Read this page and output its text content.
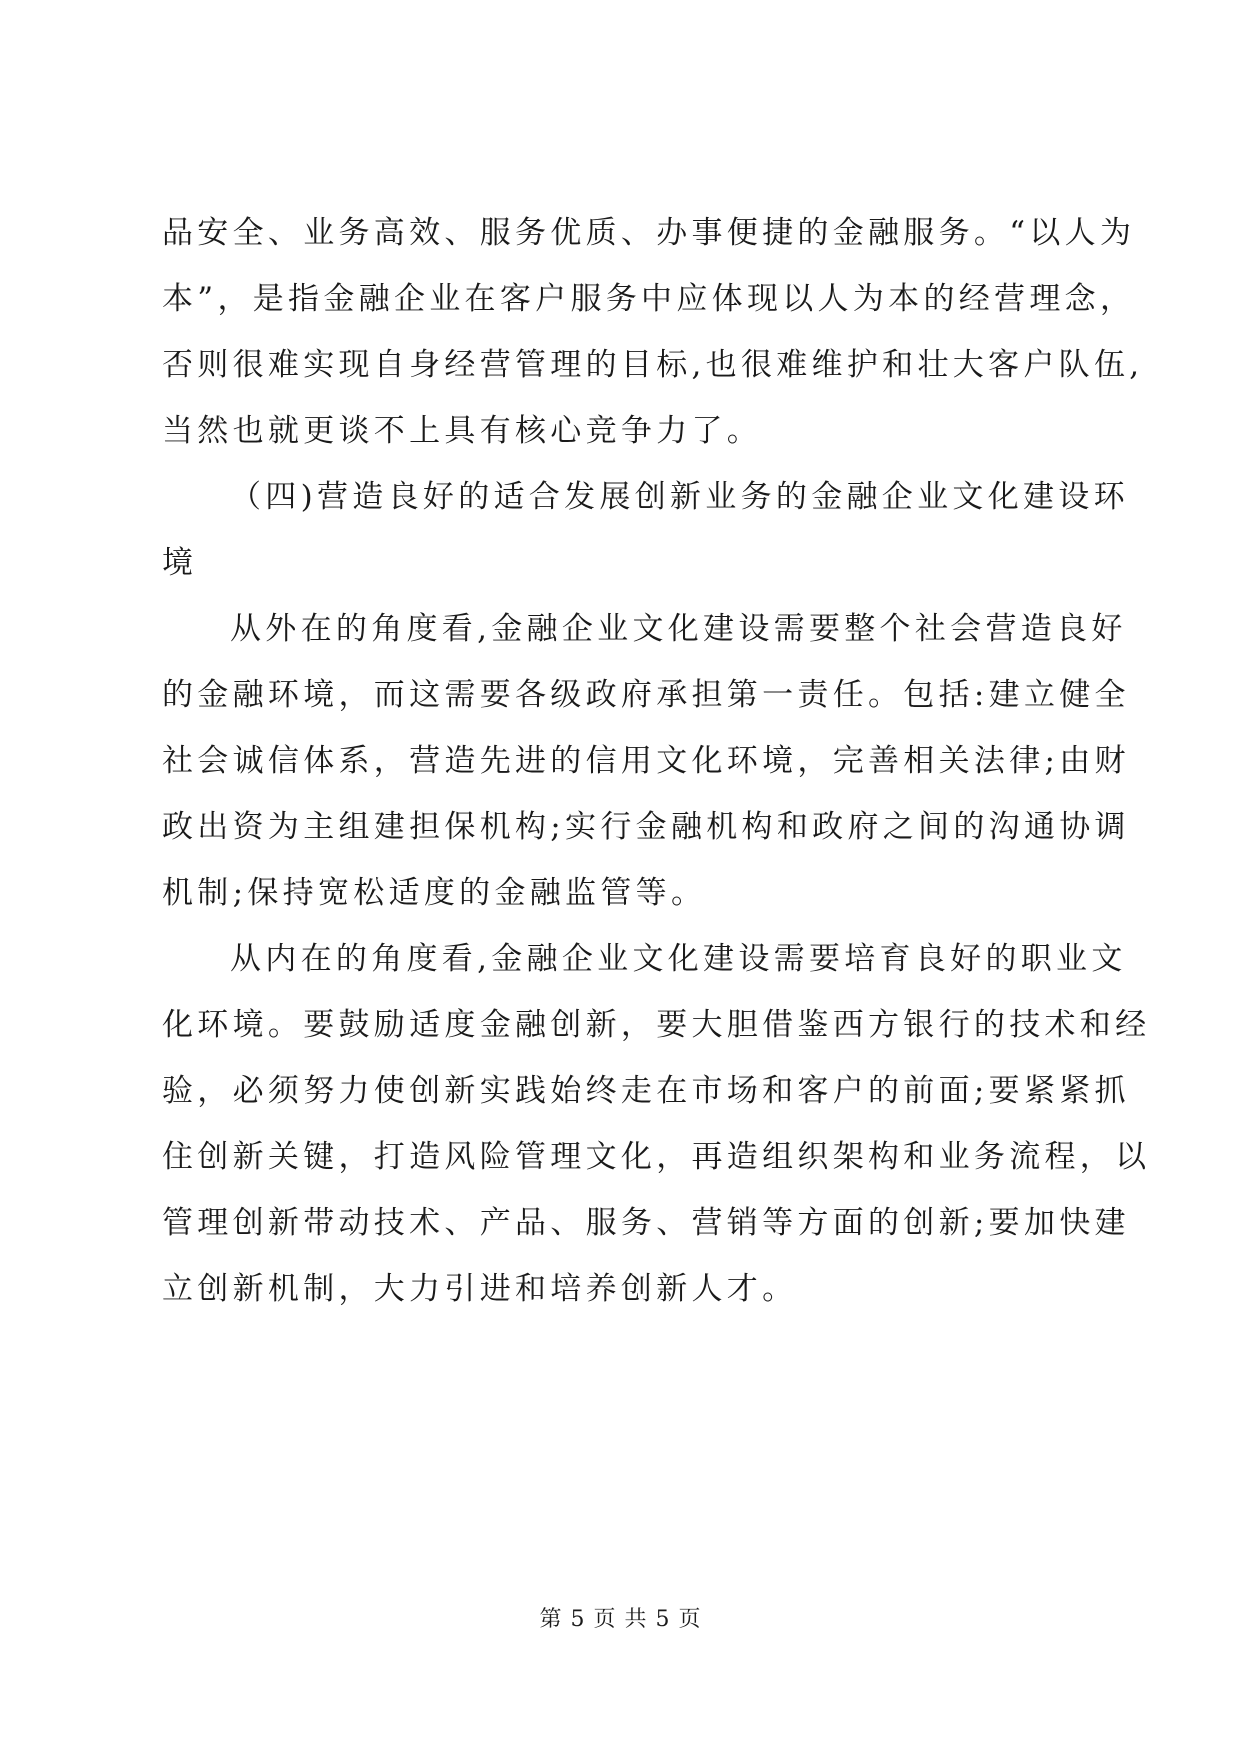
品安全、业务高效、服务优质、办事便捷的金融服务。“以人为
本”，是指金融企业在客户服务中应体现以人为本的经营理念，
否则很难实现自身经营管理的目标,也很难维护和壮大客户队伍,
当然也就更谈不上具有核心竞争力了。
（四)营造良好的适合发展创新业务的金融企业文化建设环
境
从外在的角度看,金融企业文化建设需要整个社会营造良好
的金融环境，而这需要各级政府承担第一责任。包括:建立健全
社会诚信体系，营造先进的信用文化环境，完善相关法律;由财
政出资为主组建担保机构;实行金融机构和政府之间的沟通协调
机制;保持宽松适度的金融监管等。
从内在的角度看,金融企业文化建设需要培育良好的职业文
化环境。要鼓励适度金融创新，要大胆借鉴西方银行的技术和经
验，必须努力使创新实践始终走在市场和客户的前面;要紧紧抓
住创新关键，打造风险管理文化，再造组织架构和业务流程，以
管理创新带动技术、产品、服务、营销等方面的创新;要加快建
立创新机制，大力引进和培养创新人才。
第 5 页 共 5 页
